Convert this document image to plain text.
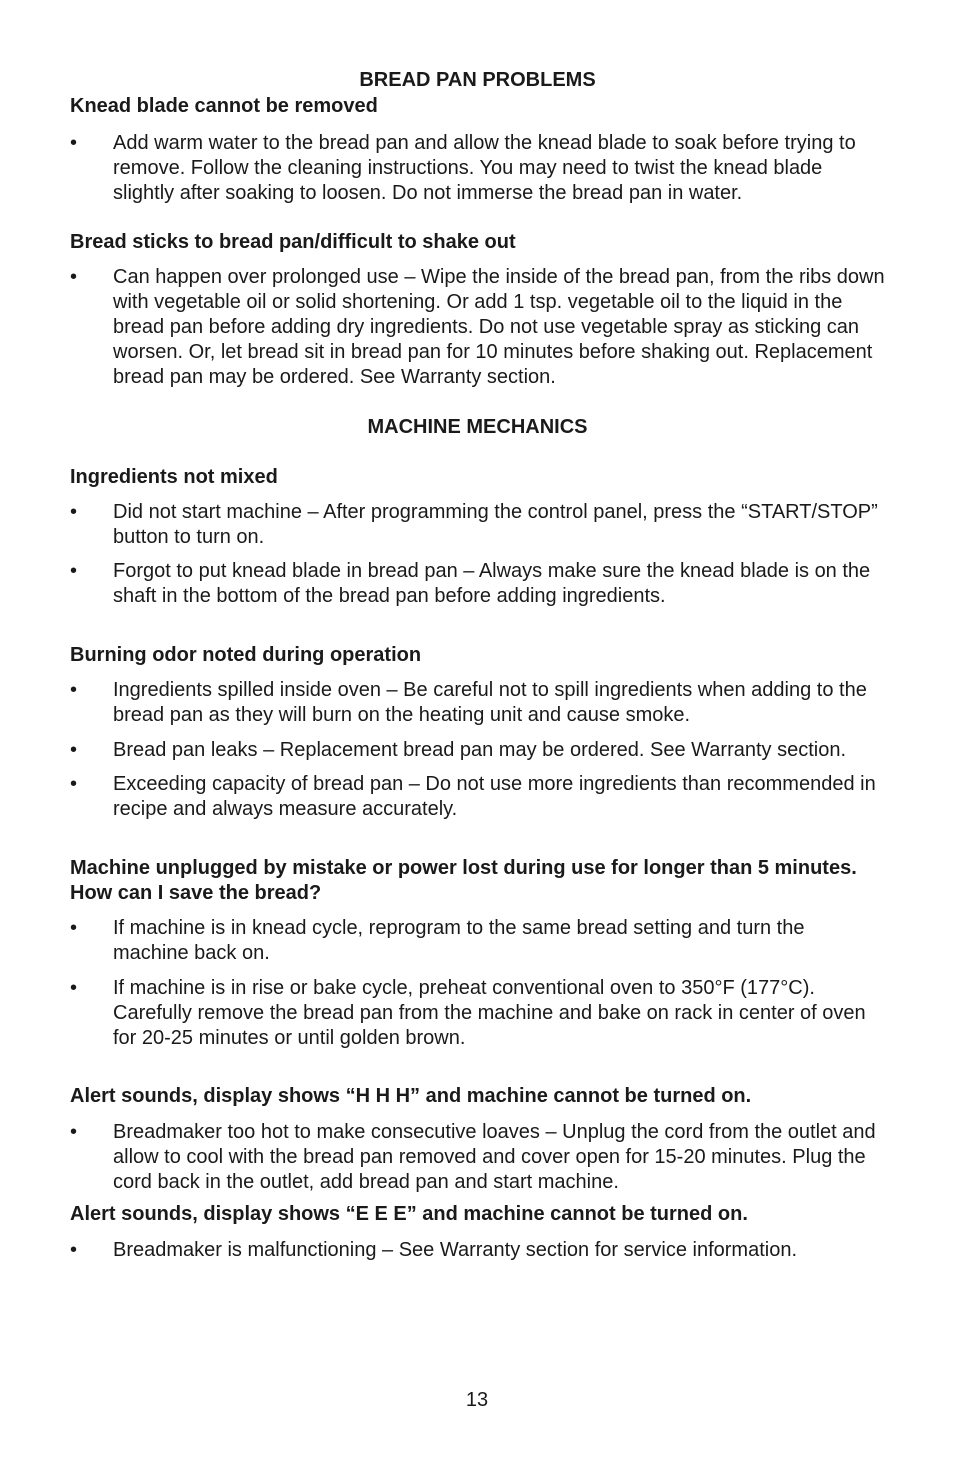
BREAD PAN PROBLEMS
Knead blade cannot be removed
• Add warm water to the bread pan and allow the knead blade to soak before trying to remove. Follow the cleaning instructions. You may need to twist the knead blade slightly after soaking to loosen. Do not immerse the bread pan in water.
Bread sticks to bread pan/difficult to shake out
• Can happen over prolonged use – Wipe the inside of the bread pan, from the ribs down with vegetable oil or solid shortening. Or add 1 tsp. vegetable oil to the liquid in the bread pan before adding dry ingredients. Do not use vegetable spray as sticking can worsen. Or, let bread sit in bread pan for 10 minutes before shaking out. Replacement bread pan may be ordered. See Warranty section.
MACHINE MECHANICS
Ingredients not mixed
• Did not start machine – After programming the control panel, press the “START/STOP” button to turn on.
• Forgot to put knead blade in bread pan – Always make sure the knead blade is on the shaft in the bottom of the bread pan before adding ingredients.
Burning odor noted during operation
• Ingredients spilled inside oven – Be careful not to spill ingredients when adding to the bread pan as they will burn on the heating unit and cause smoke.
• Bread pan leaks – Replacement bread pan may be ordered. See Warranty section.
• Exceeding capacity of bread pan – Do not use more ingredients than recommended in recipe and always measure accurately.
Machine unplugged by mistake or power lost during use for longer than 5 minutes. How can I save the bread?
• If machine is in knead cycle, reprogram to the same bread setting and turn the machine back on.
• If machine is in rise or bake cycle, preheat conventional oven to 350°F (177°C). Carefully remove the bread pan from the machine and bake on rack in center of oven for 20-25 minutes or until golden brown.
Alert sounds, display shows “H H H” and machine cannot be turned on.
• Breadmaker too hot to make consecutive loaves – Unplug the cord from the outlet and allow to cool with the bread pan removed and cover open for 15-20 minutes. Plug the cord back in the outlet, add bread pan and start machine.
Alert sounds, display shows “E E E” and machine cannot be turned on.
• Breadmaker is malfunctioning – See Warranty section for service information.
13
